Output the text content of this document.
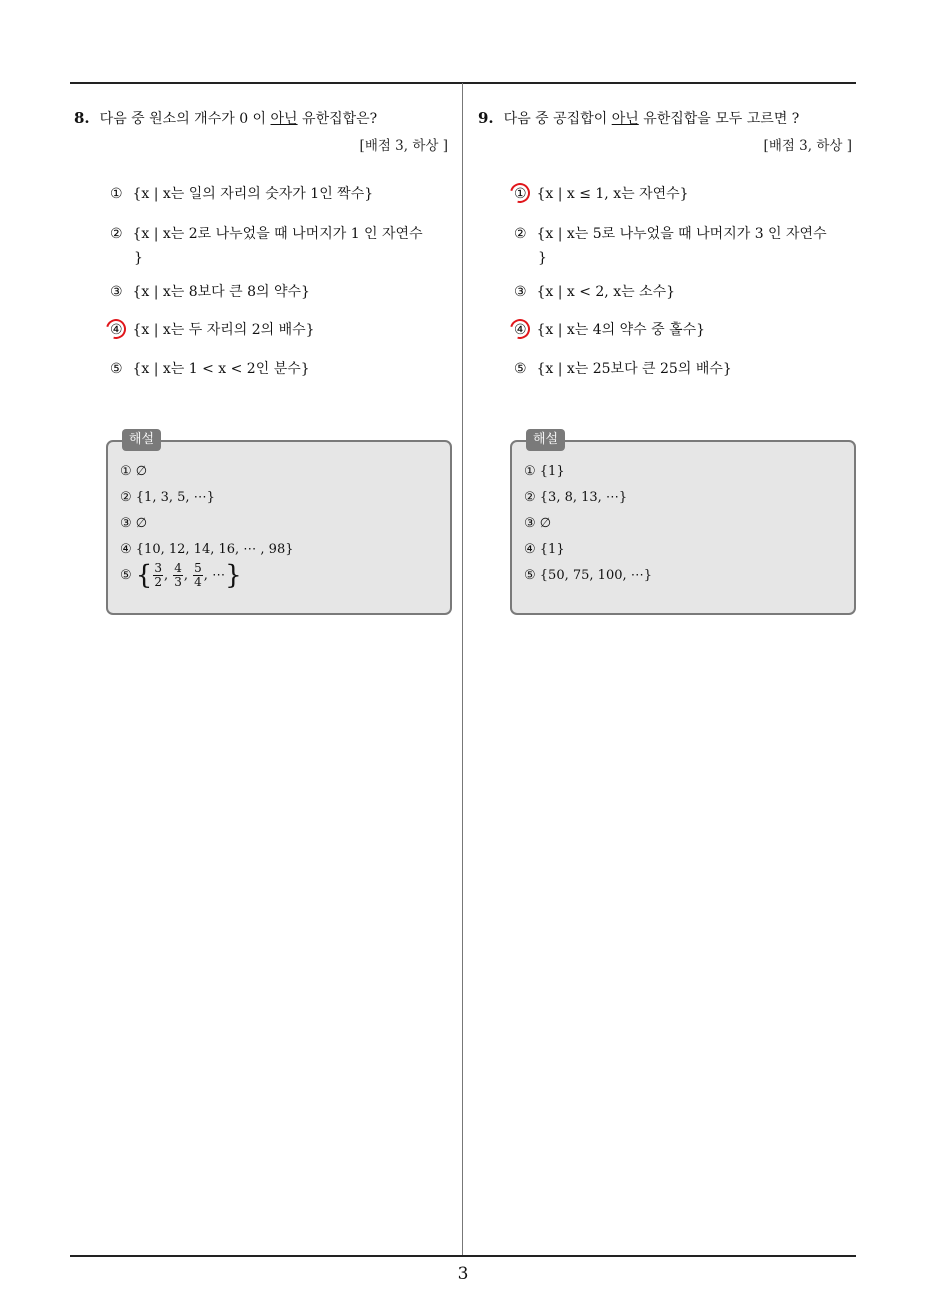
3
8. 다음 중 원소의 개수가 0 이 아닌 유한집합은?
[배점 3, 하상 ]
① {x | x는 일의 자리의 숫자가 1인 짝수}
② {x | x는 2로 나누었을 때 나머지가 1 인 자연수
}
③ {x | x는 8보다 큰 8의 약수}
④ {x | x는 두 자리의 2의 배수}
⑤ {x | x는 1 < x < 2인 분수}
해설
① ∅
② {1, 3, 5, ⋯}
③ ∅
④ {10, 12, 14, 16, ⋯ , 98}
⑤ { $\frac{3}{2}$ , $\frac{4}{3}$ , $\frac{5}{4}$ , ⋯}
9. 다음 중 공집합이 아닌 유한집합을 모두 고르면 ?
[배점 3, 하상 ]
① {x | x ≤ 1, x는 자연수}
② {x | x는 5로 나누었을 때 나머지가 3 인 자연수
}
③ {x | x < 2, x는 소수}
④ {x | x는 4의 약수 중 홀수}
⑤ {x | x는 25보다 큰 25의 배수}
해설
① {1}
② {3, 8, 13, ⋯}
③ ∅
④ {1}
⑤ {50, 75, 100, ⋯}
